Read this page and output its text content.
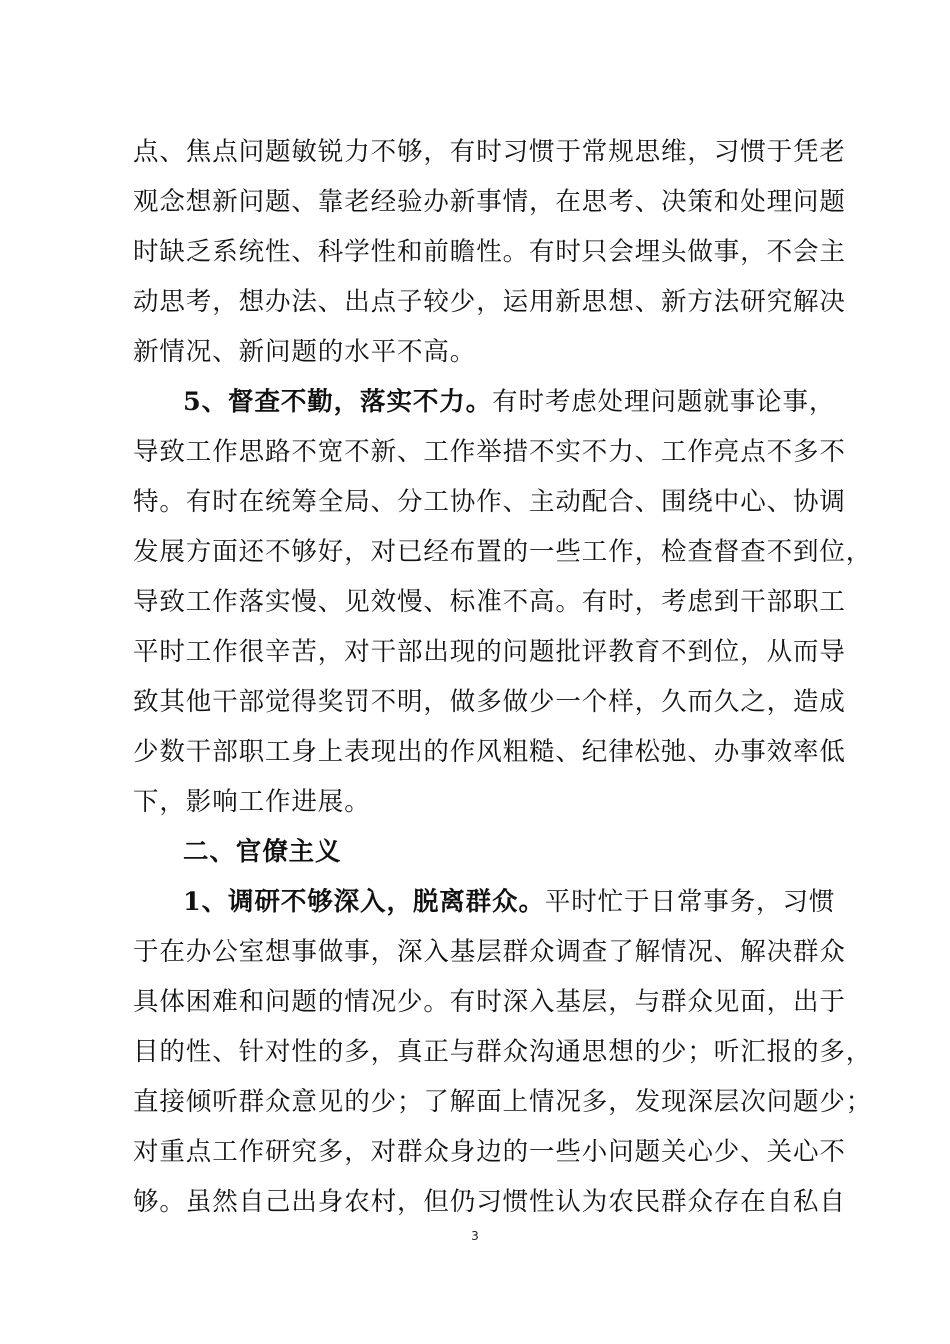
点、焦点问题敏锐力不够，有时习惯于常规思维，习惯于凭老
观念想新问题、靠老经验办新事情，在思考、决策和处理问题
时缺乏系统性、科学性和前瞻性。有时只会埋头做事，不会主
动思考，想办法、出点子较少，运用新思想、新方法研究解决
新情况、新问题的水平不高。
5、督查不勤，落实不力。有时考虑处理问题就事论事，
导致工作思路不宽不新、工作举措不实不力、工作亮点不多不
特。有时在统筹全局、分工协作、主动配合、围绕中心、协调
发展方面还不够好，对已经布置的一些工作，检查督查不到位，
导致工作落实慢、见效慢、标准不高。有时，考虑到干部职工
平时工作很辛苦，对干部出现的问题批评教育不到位，从而导
致其他干部觉得奖罚不明，做多做少一个样，久而久之，造成
少数干部职工身上表现出的作风粗糙、纪律松弛、办事效率低
下，影响工作进展。
二、官僚主义
1、调研不够深入，脱离群众。平时忙于日常事务，习惯
于在办公室想事做事，深入基层群众调查了解情况、解决群众
具体困难和问题的情况少。有时深入基层，与群众见面，出于
目的性、针对性的多，真正与群众沟通思想的少；听汇报的多，
直接倾听群众意见的少；了解面上情况多，发现深层次问题少；
对重点工作研究多，对群众身边的一些小问题关心少、关心不
够。虽然自己出身农村，但仍习惯性认为农民群众存在自私自
3
